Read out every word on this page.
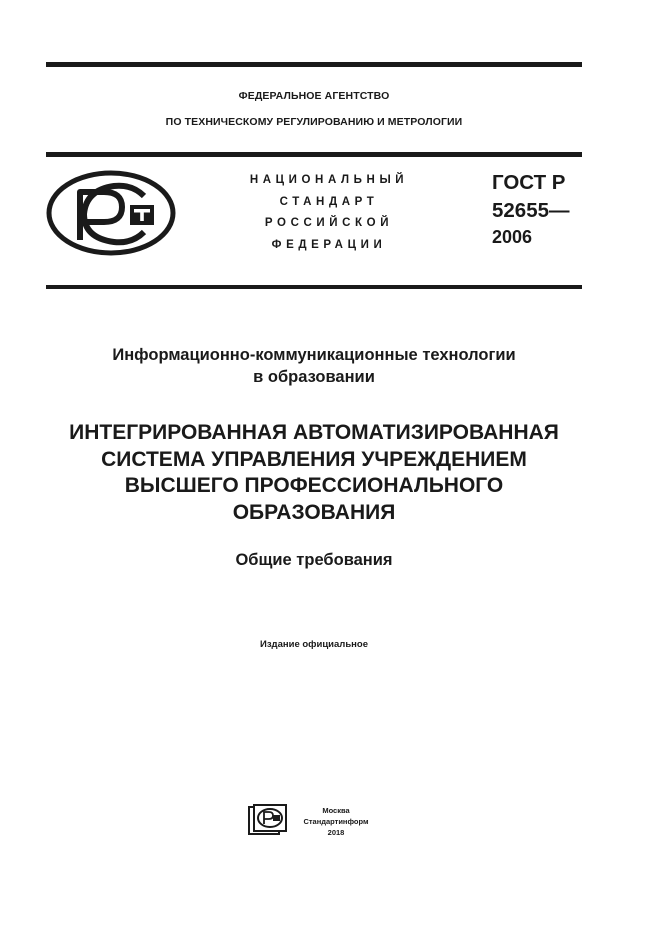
ФЕДЕРАЛЬНОЕ АГЕНТСТВО
ПО ТЕХНИЧЕСКОМУ РЕГУЛИРОВАНИЮ И МЕТРОЛОГИИ
НАЦИОНАЛЬНЫЙ
СТАНДАРТ
РОССИЙСКОЙ
ФЕДЕРАЦИИ
ГОСТ Р
52655—
2006
Информационно-коммуникационные технологии
в образовании
ИНТЕГРИРОВАННАЯ АВТОМАТИЗИРОВАННАЯ
СИСТЕМА УПРАВЛЕНИЯ УЧРЕЖДЕНИЕМ
ВЫСШЕГО ПРОФЕССИОНАЛЬНОГО
ОБРАЗОВАНИЯ
Общие требования
Издание официальное
Москва
Стандартинформ
2018
